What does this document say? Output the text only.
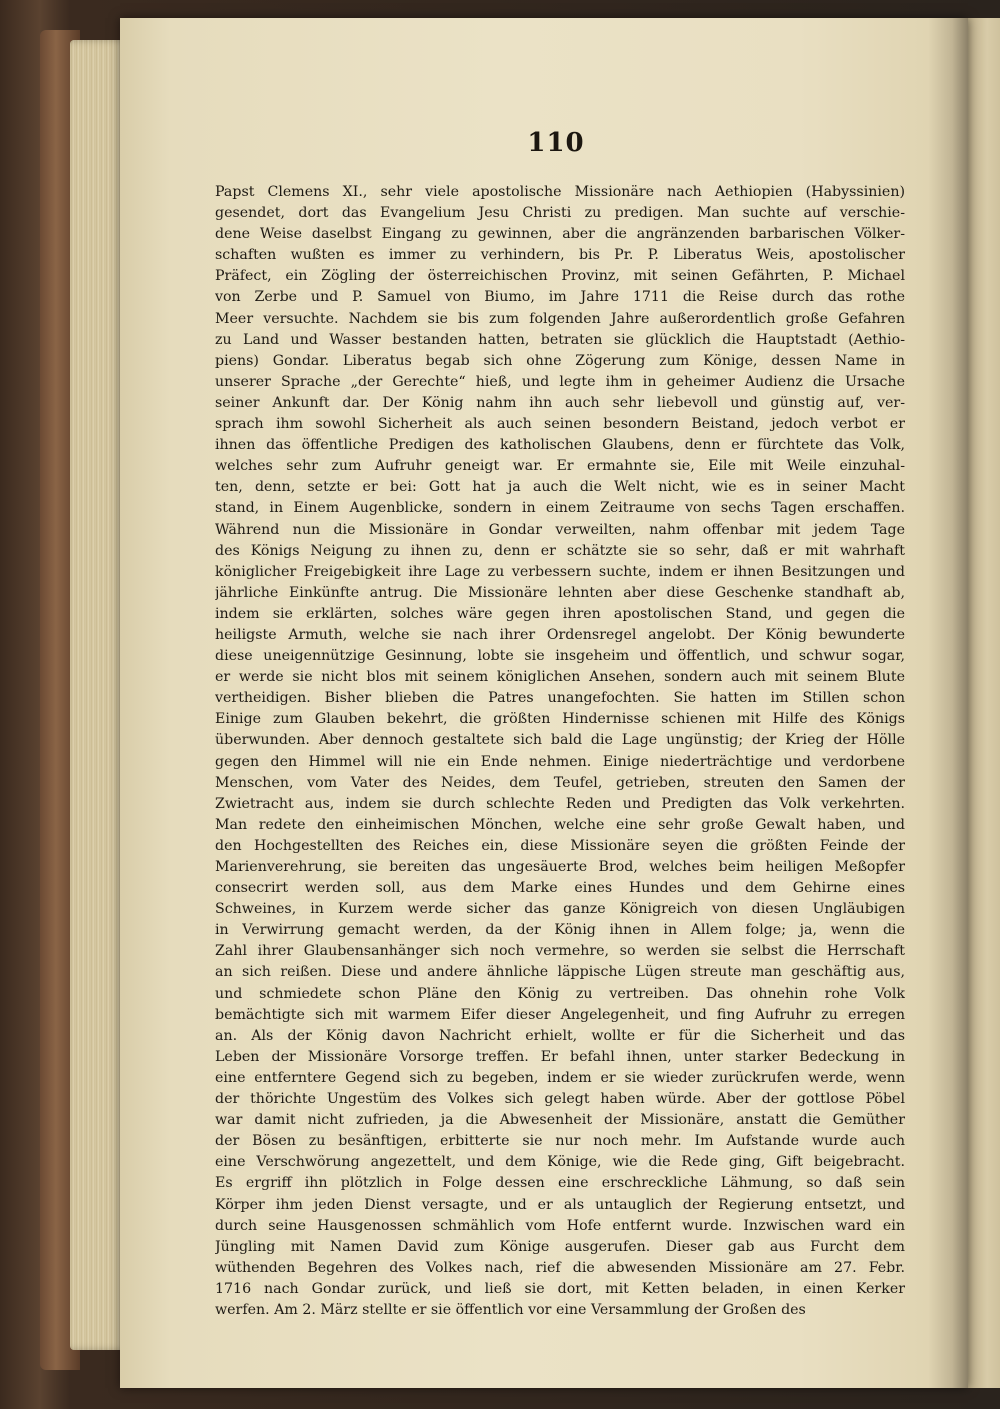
110
Papst Clemens XI., sehr viele apostolische Missionäre nach Aethiopien (Habyssinien)
gesendet, dort das Evangelium Jesu Christi zu predigen. Man suchte auf verschie-
dene Weise daselbst Eingang zu gewinnen, aber die angränzenden barbarischen Völker-
schaften wußten es immer zu verhindern, bis Pr. P. Liberatus Weis, apostolischer
Präfect, ein Zögling der österreichischen Provinz, mit seinen Gefährten, P. Michael
von Zerbe und P. Samuel von Biumo, im Jahre 1711 die Reise durch das rothe
Meer versuchte. Nachdem sie bis zum folgenden Jahre außerordentlich große Gefahren
zu Land und Wasser bestanden hatten, betraten sie glücklich die Hauptstadt (Aethio-
piens) Gondar. Liberatus begab sich ohne Zögerung zum Könige, dessen Name in
unserer Sprache „der Gerechte“ hieß, und legte ihm in geheimer Audienz die Ursache
seiner Ankunft dar. Der König nahm ihn auch sehr liebevoll und günstig auf, ver-
sprach ihm sowohl Sicherheit als auch seinen besondern Beistand, jedoch verbot er
ihnen das öffentliche Predigen des katholischen Glaubens, denn er fürchtete das Volk,
welches sehr zum Aufruhr geneigt war. Er ermahnte sie, Eile mit Weile einzuhal-
ten, denn, setzte er bei: Gott hat ja auch die Welt nicht, wie es in seiner Macht
stand, in Einem Augenblicke, sondern in einem Zeitraume von sechs Tagen erschaffen.
Während nun die Missionäre in Gondar verweilten, nahm offenbar mit jedem Tage
des Königs Neigung zu ihnen zu, denn er schätzte sie so sehr, daß er mit wahrhaft
königlicher Freigebigkeit ihre Lage zu verbessern suchte, indem er ihnen Besitzungen und
jährliche Einkünfte antrug. Die Missionäre lehnten aber diese Geschenke standhaft ab,
indem sie erklärten, solches wäre gegen ihren apostolischen Stand, und gegen die
heiligste Armuth, welche sie nach ihrer Ordensregel angelobt. Der König bewunderte
diese uneigennützige Gesinnung, lobte sie insgeheim und öffentlich, und schwur sogar,
er werde sie nicht blos mit seinem königlichen Ansehen, sondern auch mit seinem Blute
vertheidigen. Bisher blieben die Patres unangefochten. Sie hatten im Stillen schon
Einige zum Glauben bekehrt, die größten Hindernisse schienen mit Hilfe des Königs
überwunden. Aber dennoch gestaltete sich bald die Lage ungünstig; der Krieg der Hölle
gegen den Himmel will nie ein Ende nehmen. Einige niederträchtige und verdorbene
Menschen, vom Vater des Neides, dem Teufel, getrieben, streuten den Samen der
Zwietracht aus, indem sie durch schlechte Reden und Predigten das Volk verkehrten.
Man redete den einheimischen Mönchen, welche eine sehr große Gewalt haben, und
den Hochgestellten des Reiches ein, diese Missionäre seyen die größten Feinde der
Marienverehrung, sie bereiten das ungesäuerte Brod, welches beim heiligen Meßopfer
consecrirt werden soll, aus dem Marke eines Hundes und dem Gehirne eines
Schweines, in Kurzem werde sicher das ganze Königreich von diesen Ungläubigen
in Verwirrung gemacht werden, da der König ihnen in Allem folge; ja, wenn die
Zahl ihrer Glaubensanhänger sich noch vermehre, so werden sie selbst die Herrschaft
an sich reißen. Diese und andere ähnliche läppische Lügen streute man geschäftig aus,
und schmiedete schon Pläne den König zu vertreiben. Das ohnehin rohe Volk
bemächtigte sich mit warmem Eifer dieser Angelegenheit, und fing Aufruhr zu erregen
an. Als der König davon Nachricht erhielt, wollte er für die Sicherheit und das
Leben der Missionäre Vorsorge treffen. Er befahl ihnen, unter starker Bedeckung in
eine entferntere Gegend sich zu begeben, indem er sie wieder zurückrufen werde, wenn
der thörichte Ungestüm des Volkes sich gelegt haben würde. Aber der gottlose Pöbel
war damit nicht zufrieden, ja die Abwesenheit der Missionäre, anstatt die Gemüther
der Bösen zu besänftigen, erbitterte sie nur noch mehr. Im Aufstande wurde auch
eine Verschwörung angezettelt, und dem Könige, wie die Rede ging, Gift beigebracht.
Es ergriff ihn plötzlich in Folge dessen eine erschreckliche Lähmung, so daß sein
Körper ihm jeden Dienst versagte, und er als untauglich der Regierung entsetzt, und
durch seine Hausgenossen schmählich vom Hofe entfernt wurde. Inzwischen ward ein
Jüngling mit Namen David zum Könige ausgerufen. Dieser gab aus Furcht dem
wüthenden Begehren des Volkes nach, rief die abwesenden Missionäre am 27. Febr.
1716 nach Gondar zurück, und ließ sie dort, mit Ketten beladen, in einen Kerker
werfen. Am 2. März stellte er sie öffentlich vor eine Versammlung der Großen des
